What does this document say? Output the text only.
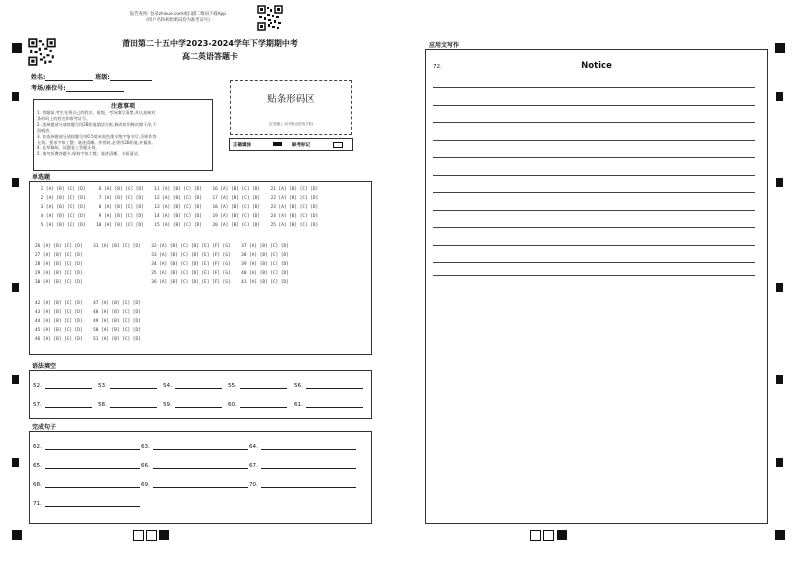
报告查询: 登录zhixue.com或扫描二维码下载App
(用户名和初始密码均为准考证号)
莆田第二十五中学2023-2024学年下学期期中考
高二英语答题卡
姓名:	班级:
考场/座位号:
注意事项
1. 答题前,考生先将自己的姓名、班级、考场填写清楚,并认真核对
条形码上的姓名和准考证号。
2. 选择题部分请按题号用2B铅笔填涂方框,修改时用橡皮擦干净,不
留痕迹。
3. 非选择题部分请按题号用0.5毫米黑色墨水签字笔书写,否则作答
无效。要求字体工整、笔迹清晰。作图时,必须用2B铅笔,并描浓。
4. 在草稿纸、试题卷上答题无效。
5. 请勿折叠答题卡,保持字体工整、笔迹清晰、卡面清洁。
贴条形码区
(正面朝上,切勿贴出虚线方框)
正确填涂	缺考标记
单选题
1 [A] [B] [C] [D]     6 [A] [B] [C] [D]    11 [A] [B] [C] [D]    16 [A] [B] [C] [D]    21 [A] [B] [C] [D]
2 [A] [B] [C] [D]     7 [A] [B] [C] [D]    12 [A] [B] [C] [D]    17 [A] [B] [C] [D]    22 [A] [B] [C] [D]
3 [A] [B] [C] [D]     8 [A] [B] [C] [D]    13 [A] [B] [C] [D]    18 [A] [B] [C] [D]    23 [A] [B] [C] [D]
4 [A] [B] [C] [D]     9 [A] [B] [C] [D]    14 [A] [B] [C] [D]    19 [A] [B] [C] [D]    24 [A] [B] [C] [D]
5 [A] [B] [C] [D]    10 [A] [B] [C] [D]    15 [A] [B] [C] [D]    20 [A] [B] [C] [D]    25 [A] [B] [C] [D]
26 [A] [B] [C] [D]    31 [A] [B] [C] [D]    32 [A] [B] [C] [D] [E] [F] [G]    37 [A] [B] [C] [D]
27 [A] [B] [C] [D]                          33 [A] [B] [C] [D] [E] [F] [G]    38 [A] [B] [C] [D]
28 [A] [B] [C] [D]                          34 [A] [B] [C] [D] [E] [F] [G]    39 [A] [B] [C] [D]
29 [A] [B] [C] [D]                          35 [A] [B] [C] [D] [E] [F] [G]    40 [A] [B] [C] [D]
30 [A] [B] [C] [D]                          36 [A] [B] [C] [D] [E] [F] [G]    41 [A] [B] [C] [D]
42 [A] [B] [C] [D]    47 [A] [B] [C] [D]
43 [A] [B] [C] [D]    48 [A] [B] [C] [D]
44 [A] [B] [C] [D]    49 [A] [B] [C] [D]
45 [A] [B] [C] [D]    50 [A] [B] [C] [D]
46 [A] [B] [C] [D]    51 [A] [B] [C] [D]
语法填空
52.	53.	54.	55.	56.
57.	58.	59.	60.	61.
完成句子
62.	63.	64.
65.	66.	67.
68.	69.	70.
71.
应用文写作
72.	Notice
